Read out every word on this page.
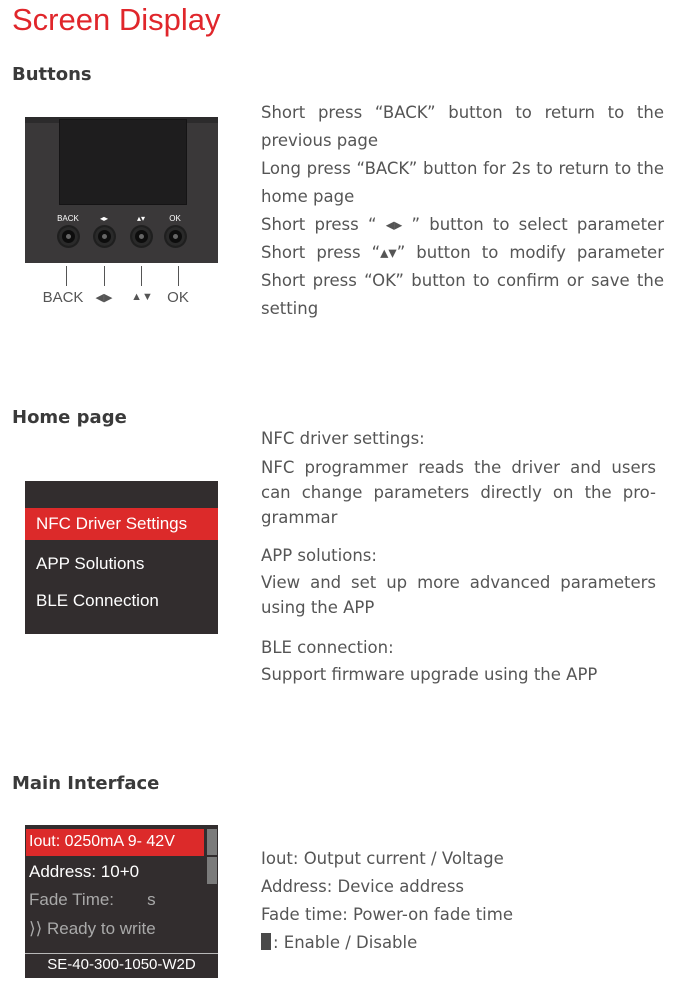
Screen Display
Buttons
BACK	◂▸	▴▾	OK
BACK	◀▶	▲▼ OK

Short press “BACK” button to return to the previous page

Long press “BACK” button for 2s to return to the home page

Short press “ ◂▸ ” button to select parameter

Short press “▴▾” button to modify parameter

Short press “OK” button to confirm or save the setting

Home page
NFC Driver Settings
APP Solutions
BLE Connection

NFC driver settings:

NFC programmer reads the driver and users can change parameters directly on the pro-grammar

APP solutions:

View and set up more advanced parameters using the APP

BLE connection:

Support firmware upgrade using the APP

Main Interface
Iout: 0250mA 9- 42V
Address: 10+0
Fade Time:       s
⟩⟩ Ready to write
SE-40-300-1050-W2D

Iout: Output current / Voltage

Address: Device address

Fade time: Power-on fade time

: Enable / Disable
